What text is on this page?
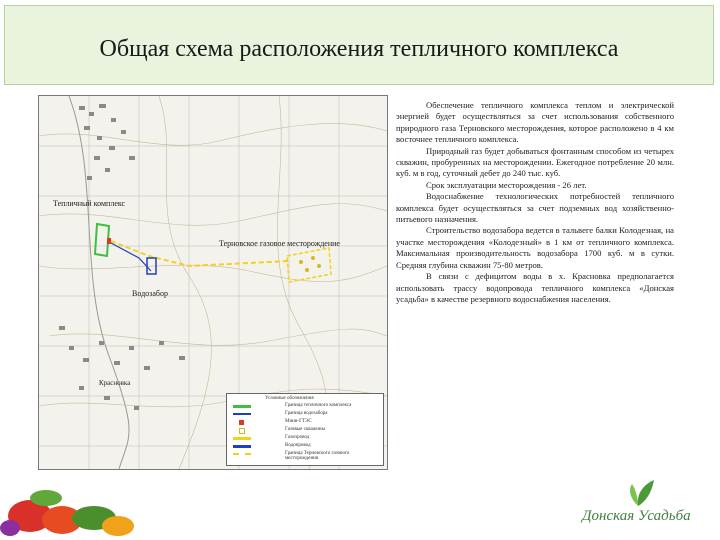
Общая схема расположения тепличного комплекса
Тепличный комплекс
Терновское газовое месторождение
Водозабор
Красновка
Условные обозначения
Граница тепличного комплекса
Граница водозабора
Мини-ГТЭС
Газовые скважины
Газопровод
Водопровод
Граница Терновского газового месторождения

Обеспечение тепличного комплекса теплом и электрической энергией будет осуществляться за счет использования собственного природного газа Терновского месторождения, которое расположено в 4 км восточнее тепличного комплекса.

Природный газ будет добываться фонтанным способом из четырех скважин, пробуренных на месторождении. Ежегодное потребление 20 млн. куб. м в год, суточный дебет до 240 тыс. куб.

Срок эксплуатации месторождения - 26 лет.

Водоснабжение технологических потребностей тепличного комплекса будет осуществляться за счет подземных вод хозяйственно-питьевого назначения.

Строительство водозабора ведется в тальвеге балки Колодезная, на участке месторождения «Колодезный» в 1 км от тепличного комплекса. Максимальная производительность водозабора 1700 куб. м в сутки. Средняя глубина скважин 75-80 метров.

В связи с дефицитом воды в х. Красновка предполагается использовать трассу водопровода тепличного комплекса «Донская усадьба» в качестве резервного водоснабжения населения.

Донская Усадьба
